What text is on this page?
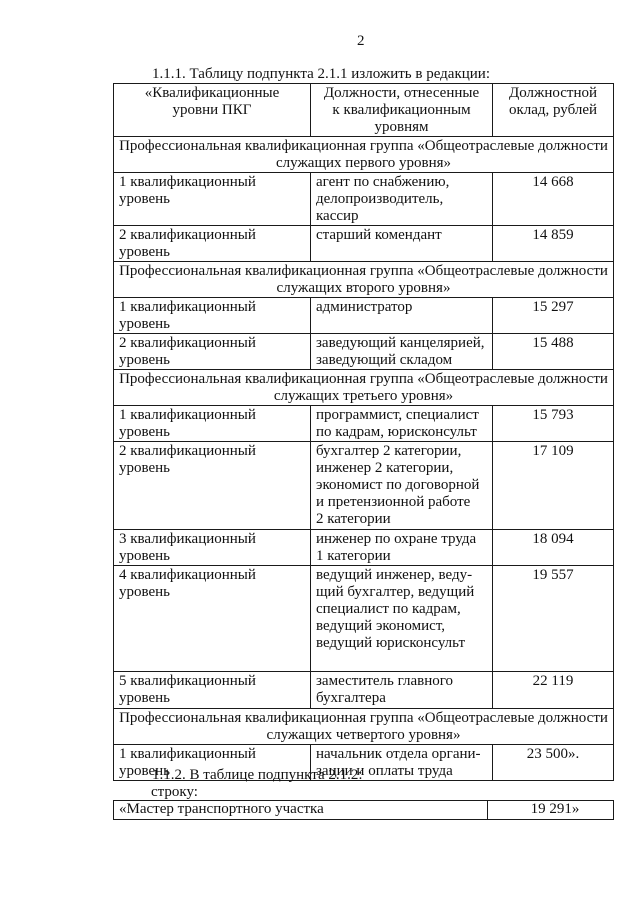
2
1.1.1. Таблицу подпункта 2.1.1 изложить в редакции:
«Квалификационные
уровни ПКГ	Должности, отнесенные
к квалификационным
уровням	Должностной
оклад, рублей

Профессиональная квалификационная группа «Общеотраслевые должности
служащих первого уровня»		

1 квалификационный
уровень	агент по снабжению,
делопроизводитель,
кассир	14 668

2 квалификационный
уровень	старший комендант	14 859

Профессиональная квалификационная группа «Общеотраслевые должности
служащих второго уровня»		

1 квалификационный
уровень	администратор	15 297

2 квалификационный
уровень	заведующий канцелярией,
заведующий складом	15 488

Профессиональная квалификационная группа «Общеотраслевые должности
служащих третьего уровня»		

1 квалификационный
уровень	программист, специалист
по кадрам, юрисконсульт	15 793

2 квалификационный
уровень	бухгалтер 2 категории,
инженер 2 категории,
экономист по договорной
и претензионной работе
2 категории	17 109

3 квалификационный
уровень	инженер по охране труда
1 категории	18 094

4 квалификационный
уровень	ведущий инженер, веду-
щий бухгалтер, ведущий
специалист по кадрам,
ведущий экономист,
ведущий юрисконсульт	19 557

5 квалификационный
уровень	заместитель главного
бухгалтера	22 119

Профессиональная квалификационная группа «Общеотраслевые должности
служащих четвертого уровня»		

1 квалификационный
уровень	начальник отдела органи-
зации и оплаты труда	23 500».
1.1.2. В таблице подпункта 2.1.2:
строку:
«Мастер транспортного участка	19 291»
